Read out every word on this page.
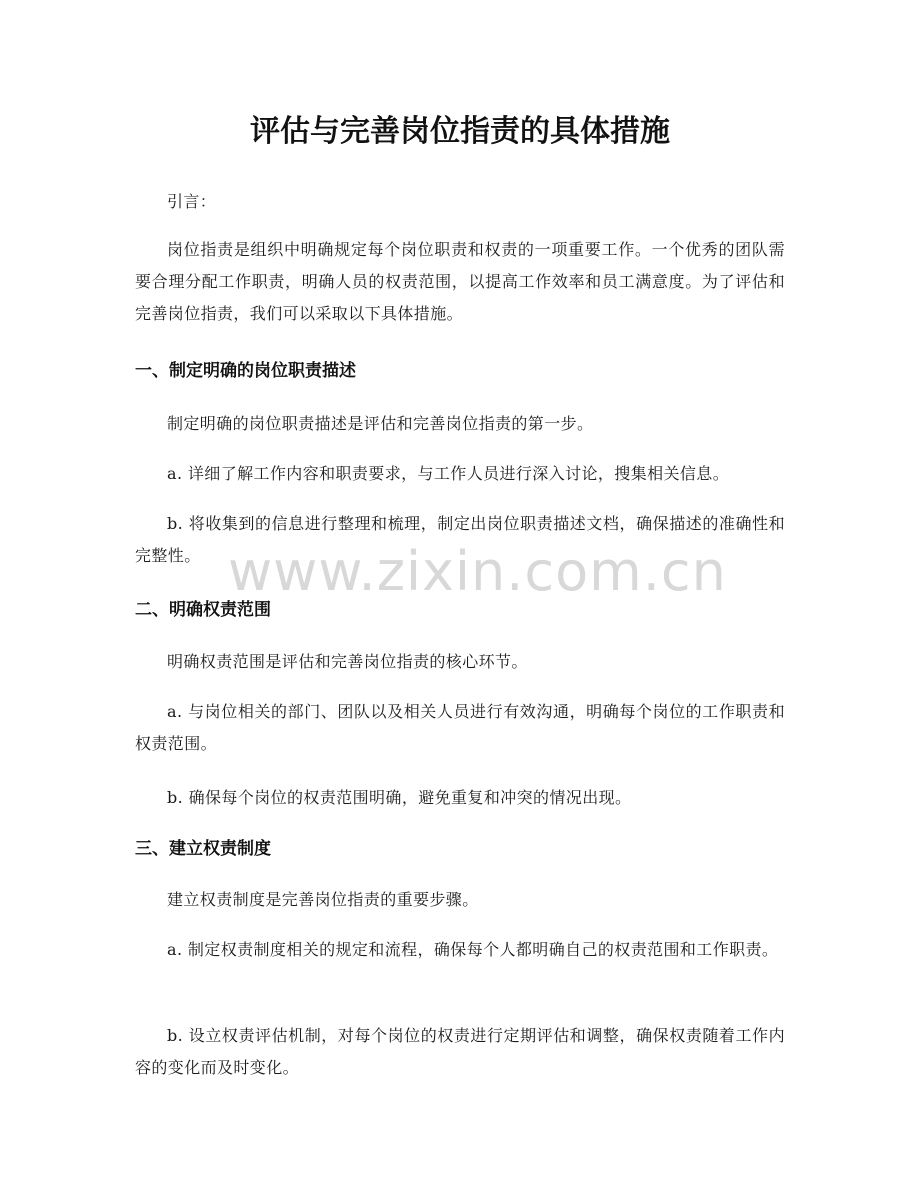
评估与完善岗位指责的具体措施

引言：

岗位指责是组织中明确规定每个岗位职责和权责的一项重要工作。一个优秀的团队需要合理分配工作职责，明确人员的权责范围，以提高工作效率和员工满意度。为了评估和完善岗位指责，我们可以采取以下具体措施。

一、制定明确的岗位职责描述

制定明确的岗位职责描述是评估和完善岗位指责的第一步。

a. 详细了解工作内容和职责要求，与工作人员进行深入讨论，搜集相关信息。

b. 将收集到的信息进行整理和梳理，制定出岗位职责描述文档，确保描述的准确性和完整性。

二、明确权责范围

明确权责范围是评估和完善岗位指责的核心环节。

a. 与岗位相关的部门、团队以及相关人员进行有效沟通，明确每个岗位的工作职责和权责范围。

b. 确保每个岗位的权责范围明确，避免重复和冲突的情况出现。

三、建立权责制度

建立权责制度是完善岗位指责的重要步骤。

a. 制定权责制度相关的规定和流程，确保每个人都明确自己的权责范围和工作职责。

b. 设立权责评估机制，对每个岗位的权责进行定期评估和调整，确保权责随着工作内容的变化而及时变化。

www.zixin.com.cn
